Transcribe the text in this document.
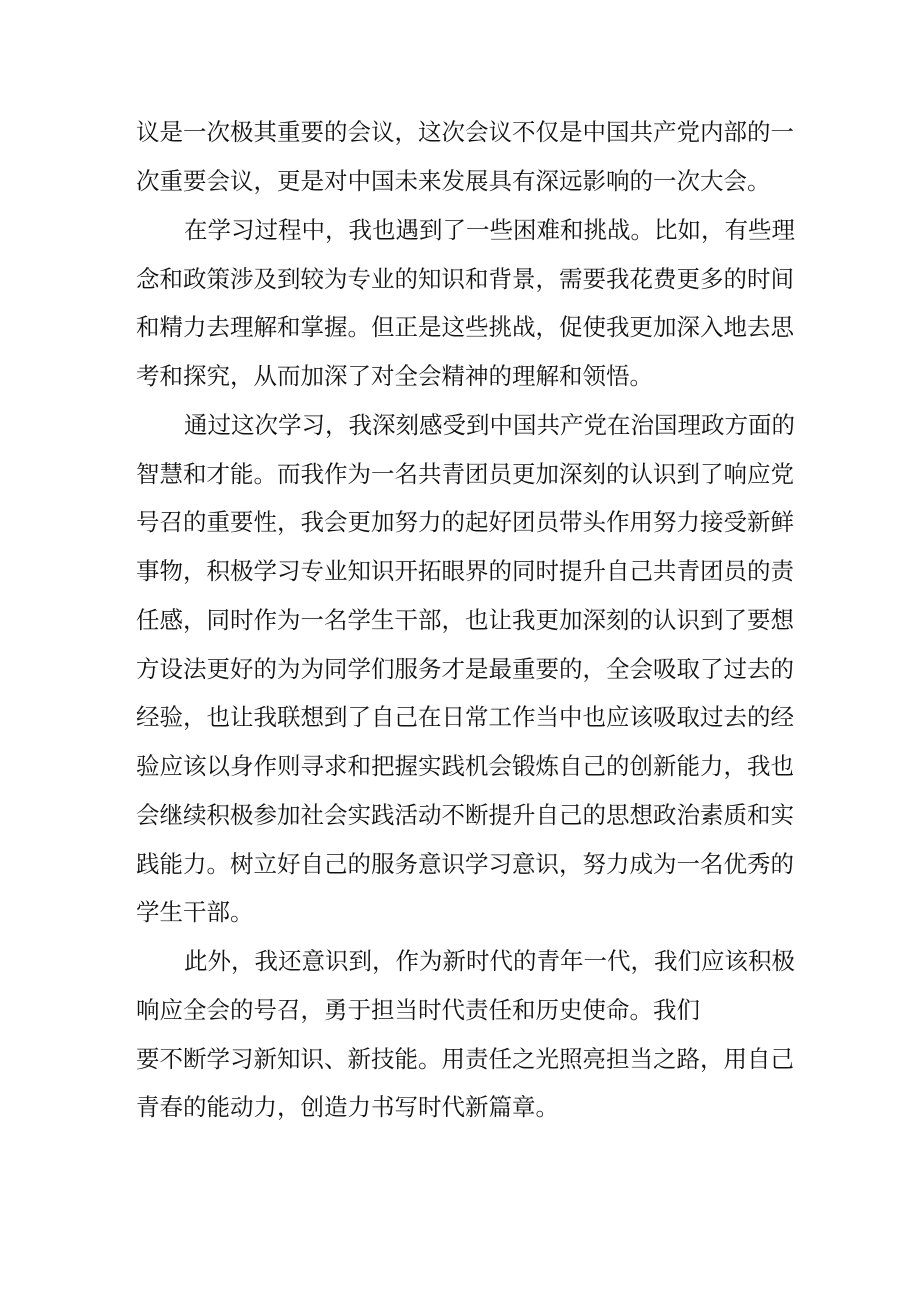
议是一次极其重要的会议，这次会议不仅是中国共产党内部的一
次重要会议，更是对中国未来发展具有深远影响的一次大会。
在学习过程中，我也遇到了一些困难和挑战。比如，有些理
念和政策涉及到较为专业的知识和背景，需要我花费更多的时间
和精力去理解和掌握。但正是这些挑战，促使我更加深入地去思
考和探究，从而加深了对全会精神的理解和领悟。
通过这次学习，我深刻感受到中国共产党在治国理政方面的
智慧和才能。而我作为一名共青团员更加深刻的认识到了响应党
号召的重要性，我会更加努力的起好团员带头作用努力接受新鲜
事物，积极学习专业知识开拓眼界的同时提升自己共青团员的责
任感，同时作为一名学生干部，也让我更加深刻的认识到了要想
方设法更好的为为同学们服务才是最重要的，全会吸取了过去的
经验，也让我联想到了自己在日常工作当中也应该吸取过去的经
验应该以身作则寻求和把握实践机会锻炼自己的创新能力，我也
会继续积极参加社会实践活动不断提升自己的思想政治素质和实
践能力。树立好自己的服务意识学习意识，努力成为一名优秀的
学生干部。
此外，我还意识到，作为新时代的青年一代，我们应该积极
响应全会的号召，勇于担当时代责任和历史使命。我们
要不断学习新知识、新技能。用责任之光照亮担当之路，用自己
青春的能动力，创造力书写时代新篇章。
